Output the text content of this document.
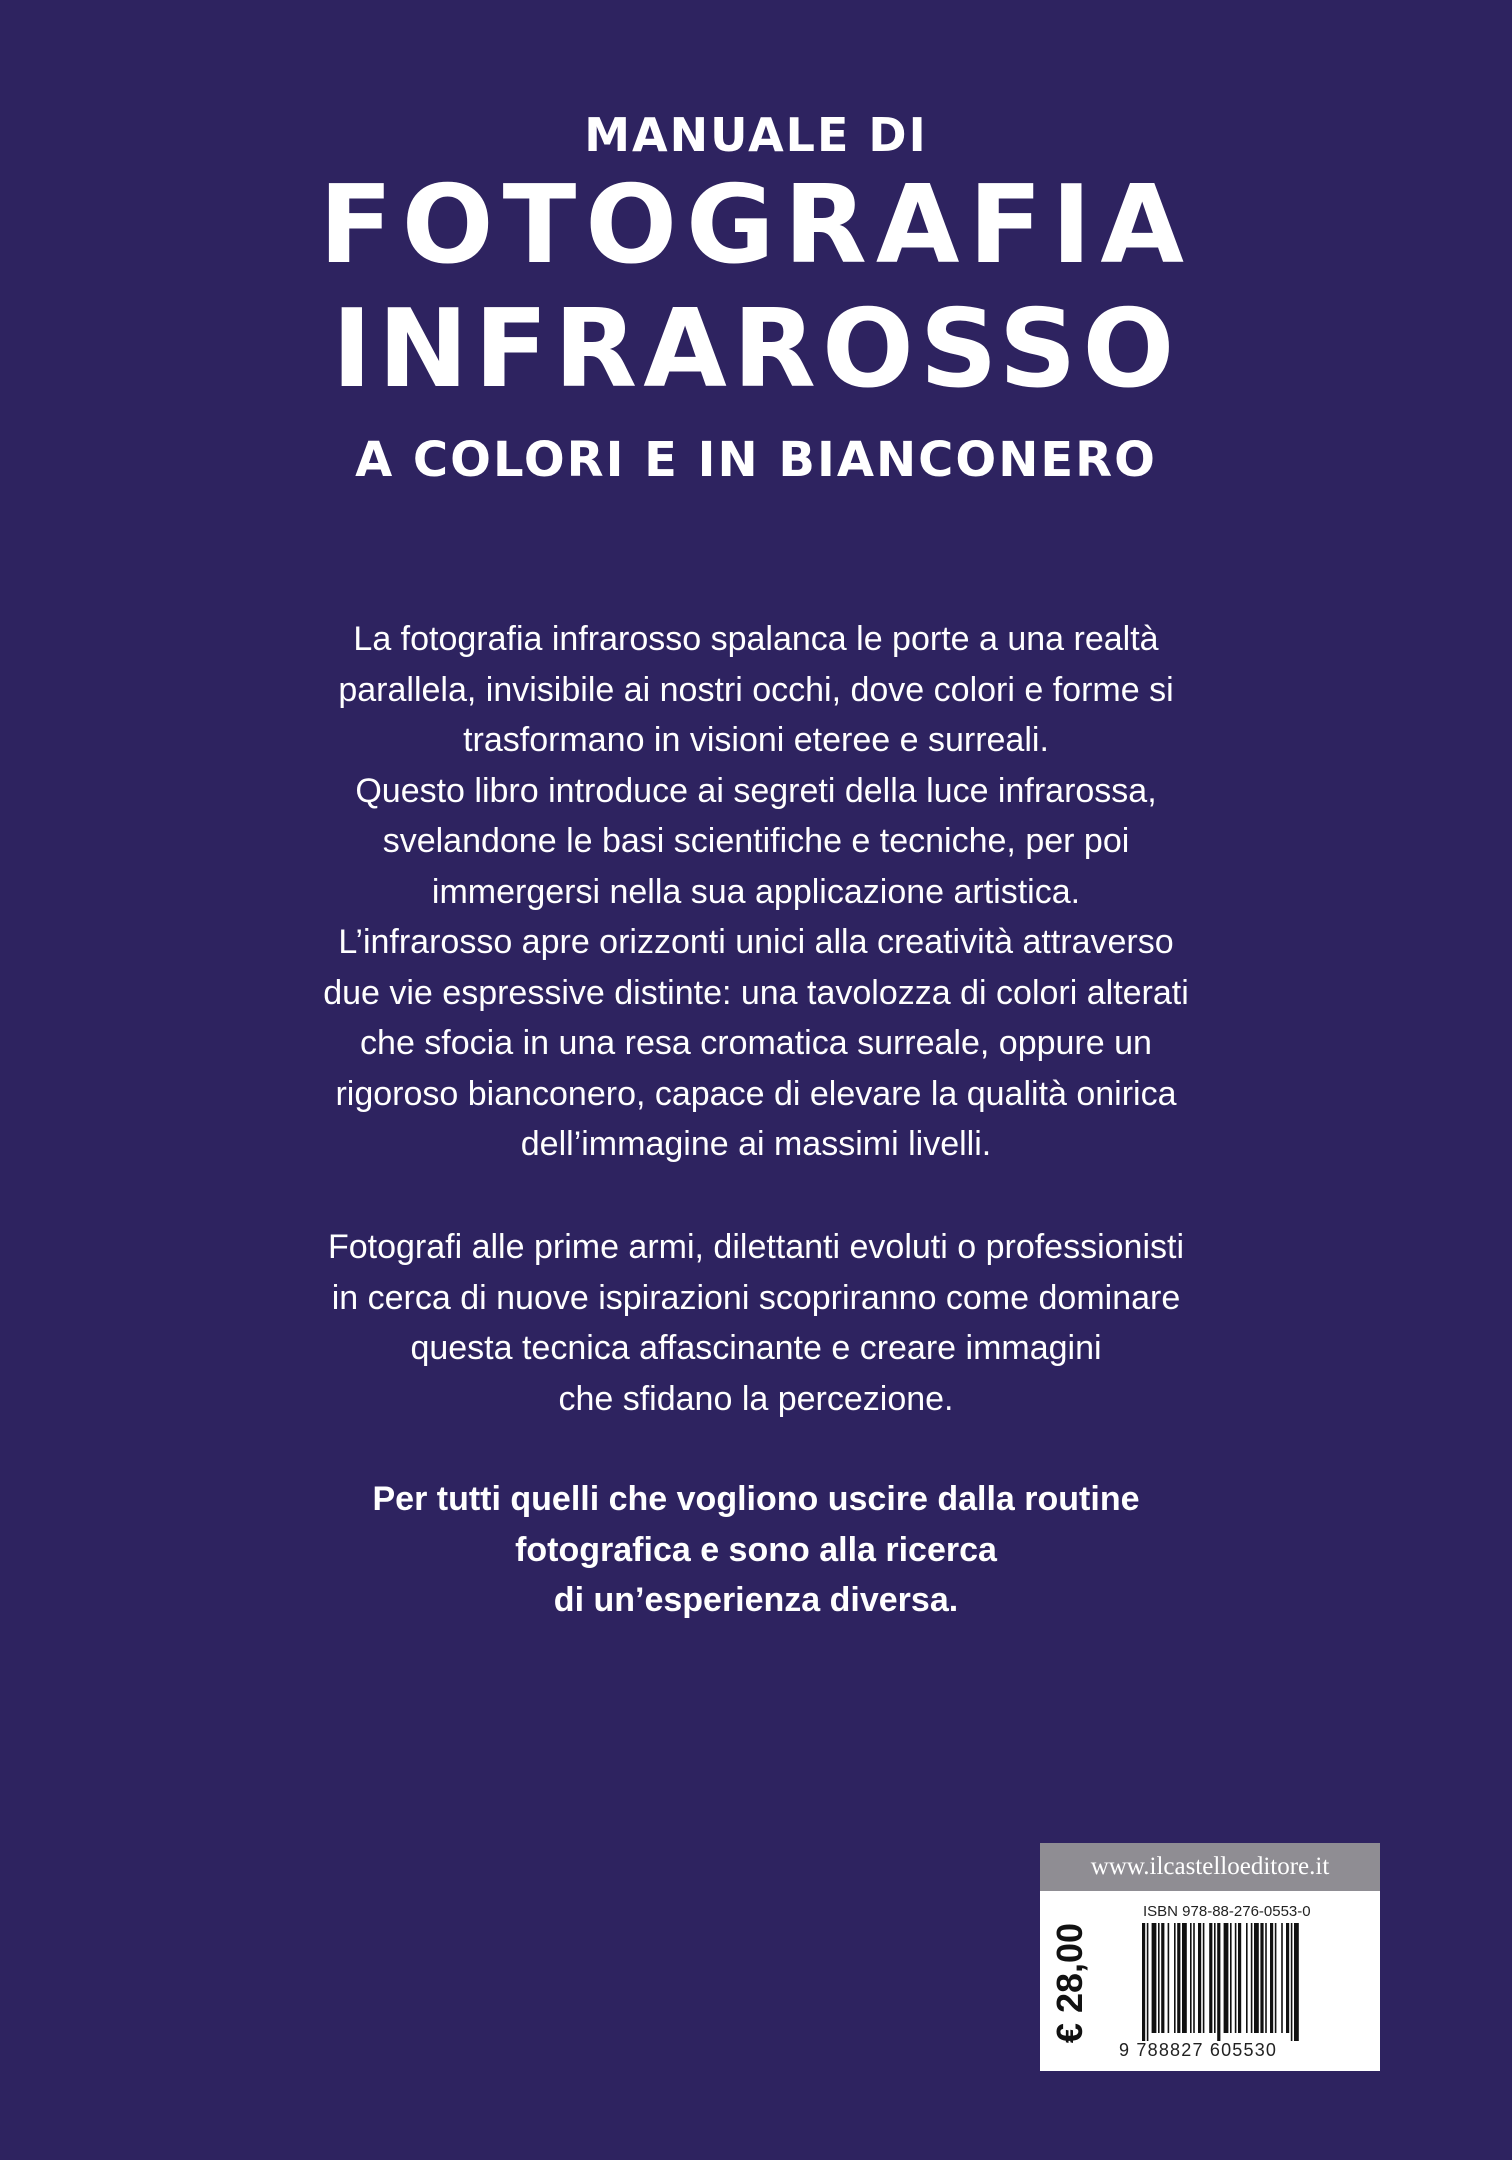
MANUALE DI
FOTOGRAFIA
INFRAROSSO
A COLORI E IN BIANCONERO
La fotografia infrarosso spalanca le porte a una realtà
parallela, invisibile ai nostri occhi, dove colori e forme si
trasformano in visioni eteree e surreali.
Questo libro introduce ai segreti della luce infrarossa,
svelandone le basi scientifiche e tecniche, per poi
immergersi nella sua applicazione artistica.
L’infrarosso apre orizzonti unici alla creatività attraverso
due vie espressive distinte: una tavolozza di colori alterati
che sfocia in una resa cromatica surreale, oppure un
rigoroso bianconero, capace di elevare la qualità onirica
dell’immagine ai massimi livelli.
Fotografi alle prime armi, dilettanti evoluti o professionisti
in cerca di nuove ispirazioni scopriranno come dominare
questa tecnica affascinante e creare immagini
che sfidano la percezione.
Per tutti quelli che vogliono uscire dalla routine
fotografica e sono alla ricerca
di un’esperienza diversa.
www.ilcastelloeditore.it
€ 28,00
ISBN 978-88-276-0553-0
9 788827 605530
